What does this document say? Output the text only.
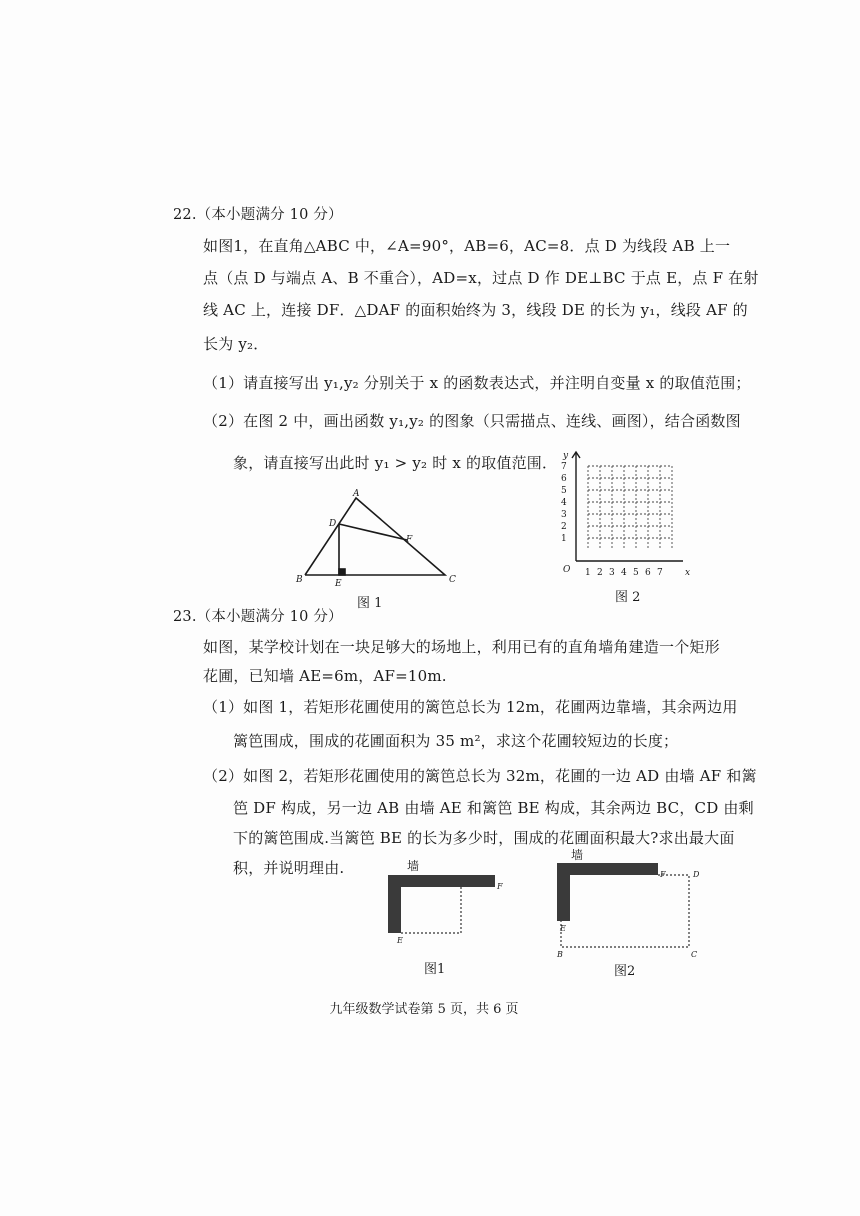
22.（本小题满分 10 分）
如图1，在直角△ABC 中，∠A=90°，AB=6，AC=8．点 D 为线段 AB 上一
点（点 D 与端点 A、B 不重合），AD=x，过点 D 作 DE⊥BC 于点 E，点 F 在射
线 AC 上，连接 DF．△DAF 的面积始终为 3，线段 DE 的长为 y₁，线段 AF 的
长为 y₂．
（1）请直接写出 y₁,y₂ 分别关于 x 的函数表达式，并注明自变量 x 的取值范围；
（2）在图 2 中，画出函数 y₁,y₂ 的图象（只需描点、连线、画图），结合函数图
象，请直接写出此时 y₁ > y₂ 时 x 的取值范围．
A
B	C
D
E
F
图 1
y
x
O
7
6
5
4
3
2
1
1 2 3 4 5 6 7
图 2
23.（本小题满分 10 分）
如图，某学校计划在一块足够大的场地上，利用已有的直角墙角建造一个矩形
花圃，已知墙 AE=6m，AF=10m.
（1）如图 1，若矩形花圃使用的篱笆总长为 12m，花圃两边靠墙，其余两边用
篱笆围成，围成的花圃面积为 35 m²，求这个花圃较短边的长度；
（2）如图 2，若矩形花圃使用的篱笆总长为 32m，花圃的一边 AD 由墙 AF 和篱
笆 DF 构成，另一边 AB 由墙 AE 和篱笆 BE 构成，其余两边 BC，CD 由剩
下的篱笆围成.当篱笆 BE 的长为多少时，围成的花圃面积最大?求出最大面
积，并说明理由.	墙
E
F
图1
墙
F	D
E
B	C
图2
九年级数学试卷第 5 页，共 6 页
